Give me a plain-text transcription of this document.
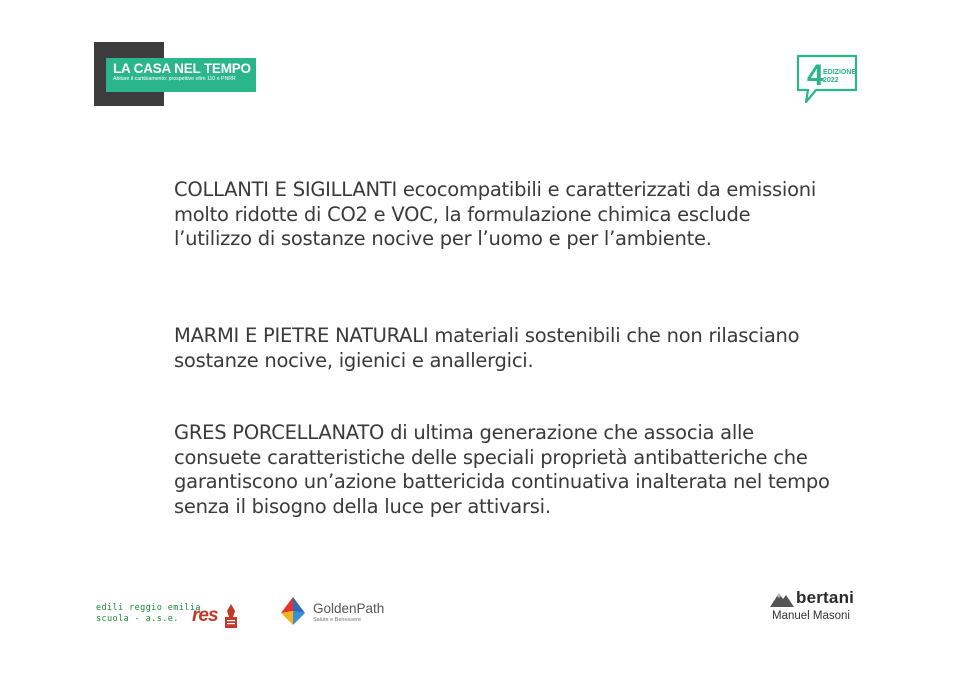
LA CASA NEL TEMPO
Abitare il cambiamento: prospettive oltre 110 e PNRR	4 EDIZIONE
2022

COLLANTI E SIGILLANTI ecocompatibili e caratterizzati da emissioni molto ridotte di CO2 e VOC, la formulazione chimica esclude l’utilizzo di sostanze nocive per l’uomo e per l’ambiente.

MARMI E PIETRE NATURALI materiali sostenibili che non rilasciano sostanze nocive, igienici e anallergici.

GRES PORCELLANATO di ultima generazione che associa alle consuete caratteristiche delle speciali proprietà antibatteriche che garantiscono un’azione battericida continuativa inalterata nel tempo senza il bisogno della luce per attivarsi.

edili reggio emilia
scuola - a.s.e. res	GoldenPath
Salute e Benessere
bertani
Manuel Masoni
